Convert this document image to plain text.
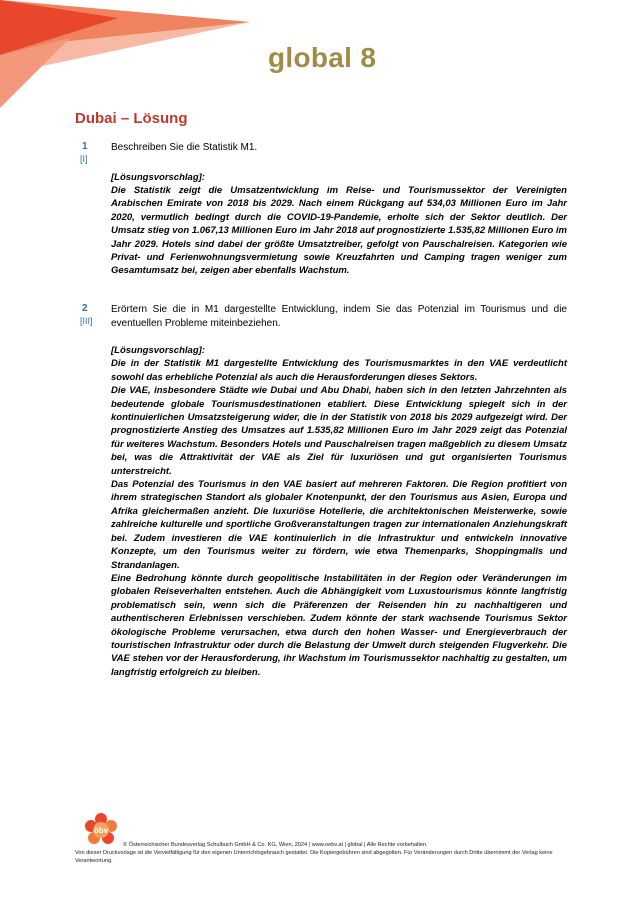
global 8
Dubai – Lösung
1
[I]

Beschreiben Sie die Statistik M1.

[Lösungsvorschlag]:
Die Statistik zeigt die Umsatzentwicklung im Reise- und Tourismussektor der Vereinigten Arabischen Emirate von 2018 bis 2029. Nach einem Rückgang auf 534,03 Millionen Euro im Jahr 2020, vermutlich bedingt durch die COVID-19-Pandemie, erholte sich der Sektor deutlich. Der Umsatz stieg von 1.067,13 Millionen Euro im Jahr 2018 auf prognostizierte 1.535,82 Millionen Euro im Jahr 2029. Hotels sind dabei der größte Umsatztreiber, gefolgt von Pauschalreisen. Kategorien wie Privat- und Ferienwohnungsvermietung sowie Kreuzfahrten und Camping tragen weniger zum Gesamtumsatz bei, zeigen aber ebenfalls Wachstum.
2
[III]

Erörtern Sie die in M1 dargestellte Entwicklung, indem Sie das Potenzial im Tourismus und die eventuellen Probleme miteinbeziehen.

[Lösungsvorschlag]:
Die in der Statistik M1 dargestellte Entwicklung des Tourismusmarktes in den VAE verdeutlicht sowohl das erhebliche Potenzial als auch die Herausforderungen dieses Sektors.
Die VAE, insbesondere Städte wie Dubai und Abu Dhabi, haben sich in den letzten Jahrzehnten als bedeutende globale Tourismusdestinationen etabliert. Diese Entwicklung spiegelt sich in der kontinuierlichen Umsatzsteigerung wider, die in der Statistik von 2018 bis 2029 aufgezeigt wird. Der prognostizierte Anstieg des Umsatzes auf 1.535,82 Millionen Euro im Jahr 2029 zeigt das Potenzial für weiteres Wachstum. Besonders Hotels und Pauschalreisen tragen maßgeblich zu diesem Umsatz bei, was die Attraktivität der VAE als Ziel für luxuriösen und gut organisierten Tourismus unterstreicht.
Das Potenzial des Tourismus in den VAE basiert auf mehreren Faktoren. Die Region profitiert von ihrem strategischen Standort als globaler Knotenpunkt, der den Tourismus aus Asien, Europa und Afrika gleichermaßen anzieht. Die luxuriöse Hotellerie, die architektonischen Meisterwerke, sowie zahlreiche kulturelle und sportliche Großveranstaltungen tragen zur internationalen Anziehungskraft bei. Zudem investieren die VAE kontinuierlich in die Infrastruktur und entwickeln innovative Konzepte, um den Tourismus weiter zu fördern, wie etwa Themenparks, Shoppingmalls und Strandanlagen.
Eine Bedrohung könnte durch geopolitische Instabilitäten in der Region oder Veränderungen im globalen Reiseverhalten entstehen. Auch die Abhängigkeit vom Luxustourismus könnte langfristig problematisch sein, wenn sich die Präferenzen der Reisenden hin zu nachhaltigeren und authentischeren Erlebnissen verschieben. Zudem könnte der stark wachsende Tourismus Sektor ökologische Probleme verursachen, etwa durch den hohen Wasser- und Energieverbrauch der touristischen Infrastruktur oder durch die Belastung der Umwelt durch steigenden Flugverkehr. Die VAE stehen vor der Herausforderung, ihr Wachstum im Tourismussektor nachhaltig zu gestalten, um langfristig erfolgreich zu bleiben.
öbv
© Österreichischer Bundesverlag Schulbuch GmbH & Co. KG, Wien, 2024 | www.oebv.at | global | Alle Rechte vorbehalten.
Von dieser Druckvorlage ist die Vervielfältigung für den eigenen Unterrichtsgebrauch gestattet. Die Kopiergebühren sind abgegolten. Für Veränderungen durch Dritte übernimmt der Verlag keine Verantwortung.
